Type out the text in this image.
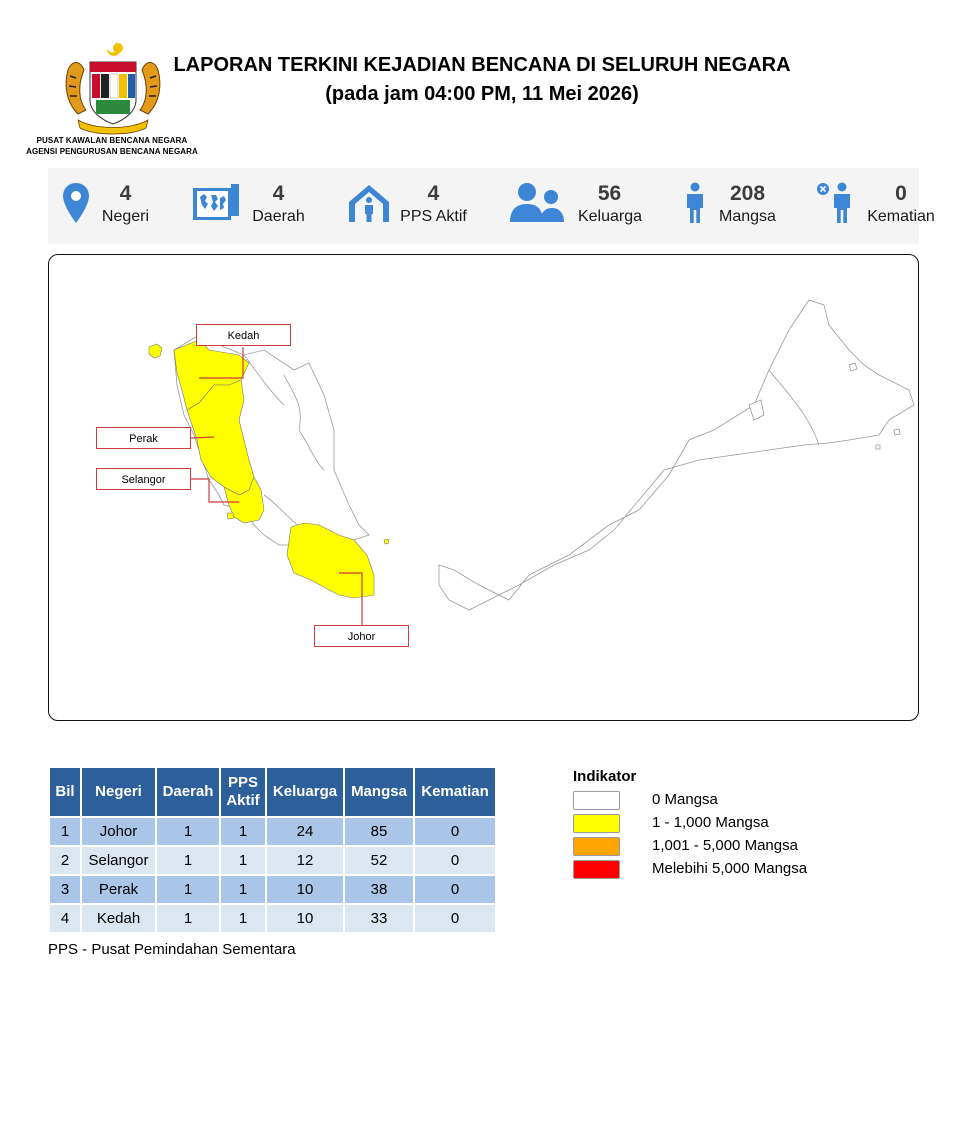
PUSAT KAWALAN BENCANA NEGARA
AGENSI PENGURUSAN BENCANA NEGARA
LAPORAN TERKINI KEJADIAN BENCANA DI SELURUH NEGARA
(pada jam 04:00 PM, 11 Mei 2026)
4
Negeri
4
Daerah
4
PPS Aktif
56
Keluarga
208
Mangsa
0
Kematian
Kedah
Perak
Selangor
Johor
Bil	Negeri	Daerah	PPS Aktif	Keluarga	Mangsa	Kematian
1	Johor	1	1	24	85	0
2	Selangor	1	1	12	52	0
3	Perak	1	1	10	38	0
4	Kedah	1	1	10	33	0
PPS - Pusat Pemindahan Sementara
Indikator
0 Mangsa
1 - 1,000 Mangsa
1,001 - 5,000 Mangsa
Melebihi 5,000 Mangsa
